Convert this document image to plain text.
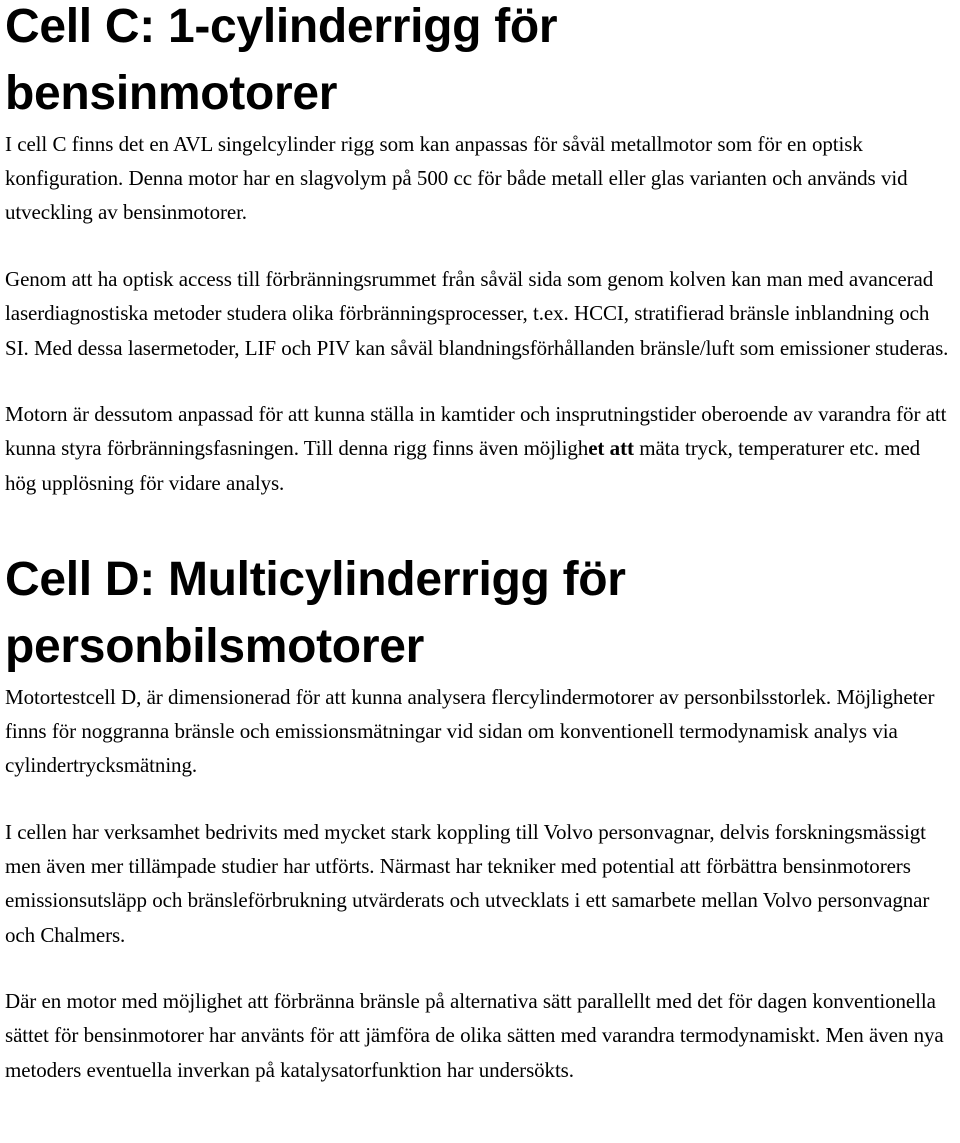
Cell C: 1-cylinderrigg för
bensinmotorer

I cell C finns det en AVL singelcylinder rigg som kan anpassas för såväl metallmotor som för en optisk konfiguration. Denna motor har en slagvolym på 500 cc för både metall eller glas varianten och används vid utveckling av bensinmotorer.

Genom att ha optisk access till förbränningsrummet från såväl sida som genom kolven kan man med avancerad laserdiagnostiska metoder studera olika förbränningsprocesser, t.ex. HCCI, stratifierad bränsle inblandning och SI. Med dessa lasermetoder, LIF och PIV kan såväl blandningsförhållanden bränsle/luft som emissioner studeras.

Motorn är dessutom anpassad för att kunna ställa in kamtider och insprutningstider oberoende av varandra för att kunna styra förbränningsfasningen. Till denna rigg finns även möjlighet att mäta tryck, temperaturer etc. med hög upplösning för vidare analys.

Cell D: Multicylinderrigg för
personbilsmotorer

Motortestcell D, är dimensionerad för att kunna analysera flercylindermotorer av personbilsstorlek. Möjligheter finns för noggranna bränsle och emissionsmätningar vid sidan om konventionell termodynamisk analys via cylindertrycksmätning.

I cellen har verksamhet bedrivits med mycket stark koppling till Volvo personvagnar, delvis forskningsmässigt men även mer tillämpade studier har utförts. Närmast har tekniker med potential att förbättra bensinmotorers emissionsutsläpp och bränsleförbrukning utvärderats och utvecklats i ett samarbete mellan Volvo personvagnar och Chalmers.

Där en motor med möjlighet att förbränna bränsle på alternativa sätt parallellt med det för dagen konventionella sättet för bensinmotorer har använts för att jämföra de olika sätten med varandra termodynamiskt. Men även nya metoders eventuella inverkan på katalysatorfunktion har undersökts.
